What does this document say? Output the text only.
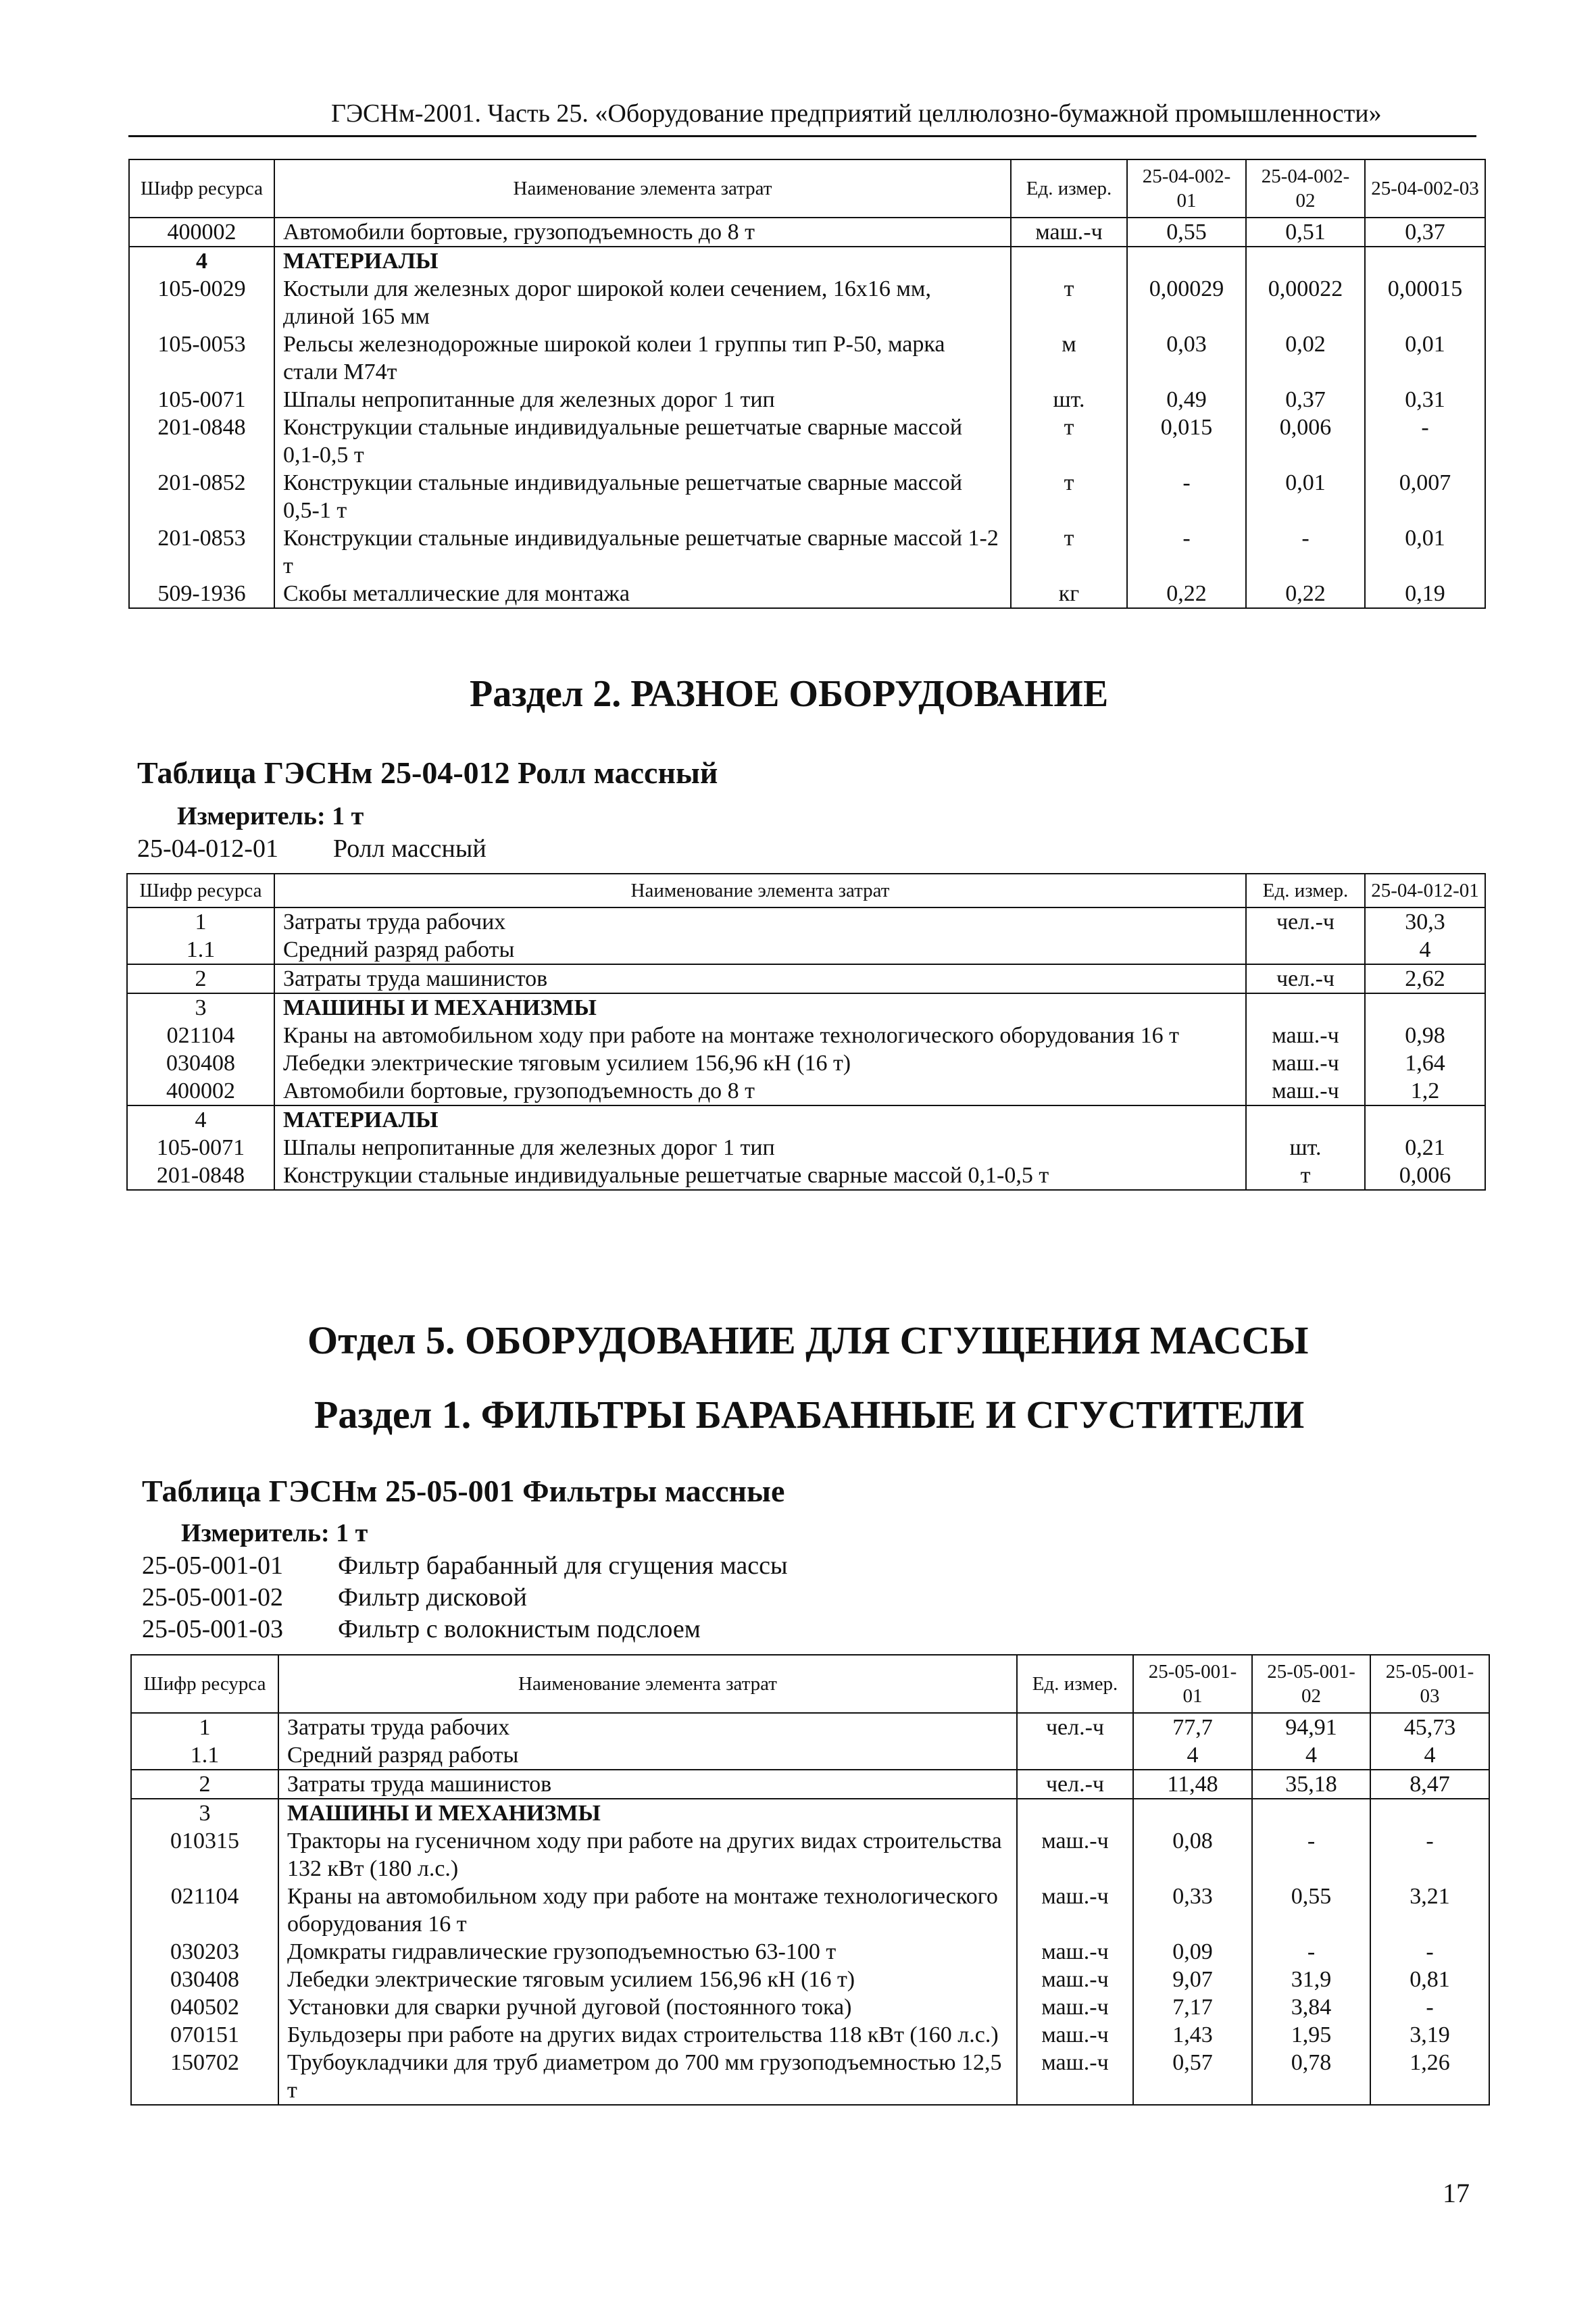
ГЭСНм-2001. Часть 25. «Оборудование предприятий целлюлозно-бумажной промышленности»
Шифр ресурса	Наименование элемента затрат	Ед. измер.	25-04-002-01	25-04-002-02	25-04-002-03
400002	Автомобили бортовые, грузоподъемность до 8 т	маш.-ч	0,55	0,51	0,37
4	МАТЕРИАЛЫ				
105-0029	Костыли для железных дорог широкой колеи сечением, 16х16 мм, длиной 165 мм	т	0,00029	0,00022	0,00015
105-0053	Рельсы железнодорожные широкой колеи 1 группы тип Р-50, марка стали М74т	м	0,03	0,02	0,01
105-0071	Шпалы непропитанные для железных дорог 1 тип	шт.	0,49	0,37	0,31
201-0848	Конструкции стальные индивидуальные решетчатые сварные массой 0,1-0,5 т	т	0,015	0,006	-
201-0852	Конструкции стальные индивидуальные решетчатые сварные массой 0,5-1 т	т	-	0,01	0,007
201-0853	Конструкции стальные индивидуальные решетчатые сварные массой 1-2 т	т	-	-	0,01
509-1936	Скобы металлические для монтажа	кг	0,22	0,22	0,19
Раздел 2. РАЗНОЕ ОБОРУДОВАНИЕ
Таблица ГЭСНм 25-04-012 Ролл массный
Измеритель: 1 т
25-04-012-01 Ролл массный
Шифр ресурса	Наименование элемента затрат	Ед. измер.	25-04-012-01
1	Затраты труда рабочих	чел.-ч	30,3
1.1	Средний разряд работы		4
2	Затраты труда машинистов	чел.-ч	2,62
3	МАШИНЫ И МЕХАНИЗМЫ		
021104	Краны на автомобильном ходу при работе на монтаже технологического оборудования 16 т	маш.-ч	0,98
030408	Лебедки электрические тяговым усилием 156,96 кН (16 т)	маш.-ч	1,64
400002	Автомобили бортовые, грузоподъемность до 8 т	маш.-ч	1,2
4	МАТЕРИАЛЫ		
105-0071	Шпалы непропитанные для железных дорог 1 тип	шт.	0,21
201-0848	Конструкции стальные индивидуальные решетчатые сварные массой 0,1-0,5 т	т	0,006
Отдел 5. ОБОРУДОВАНИЕ ДЛЯ СГУЩЕНИЯ МАССЫ
Раздел 1. ФИЛЬТРЫ БАРАБАННЫЕ И СГУСТИТЕЛИ
Таблица ГЭСНм 25-05-001 Фильтры массные
Измеритель: 1 т
25-05-001-01 Фильтр барабанный для сгущения массы
25-05-001-02 Фильтр дисковой
25-05-001-03 Фильтр с волокнистым подслоем
Шифр ресурса	Наименование элемента затрат	Ед. измер.	25-05-001-01	25-05-001-02	25-05-001-03
1	Затраты труда рабочих	чел.-ч	77,7	94,91	45,73
1.1	Средний разряд работы		4	4	4
2	Затраты труда машинистов	чел.-ч	11,48	35,18	8,47
3	МАШИНЫ И МЕХАНИЗМЫ				
010315	Тракторы на гусеничном ходу при работе на других видах строительства 132 кВт (180 л.с.)	маш.-ч	0,08	-	-
021104	Краны на автомобильном ходу при работе на монтаже технологического оборудования 16 т	маш.-ч	0,33	0,55	3,21
030203	Домкраты гидравлические грузоподъемностью 63-100 т	маш.-ч	0,09	-	-
030408	Лебедки электрические тяговым усилием 156,96 кН (16 т)	маш.-ч	9,07	31,9	0,81
040502	Установки для сварки ручной дуговой (постоянного тока)	маш.-ч	7,17	3,84	-
070151	Бульдозеры при работе на других видах строительства 118 кВт (160 л.с.)	маш.-ч	1,43	1,95	3,19
150702	Трубоукладчики для труб диаметром до 700 мм грузоподъемностью 12,5 т	маш.-ч	0,57	0,78	1,26
17
